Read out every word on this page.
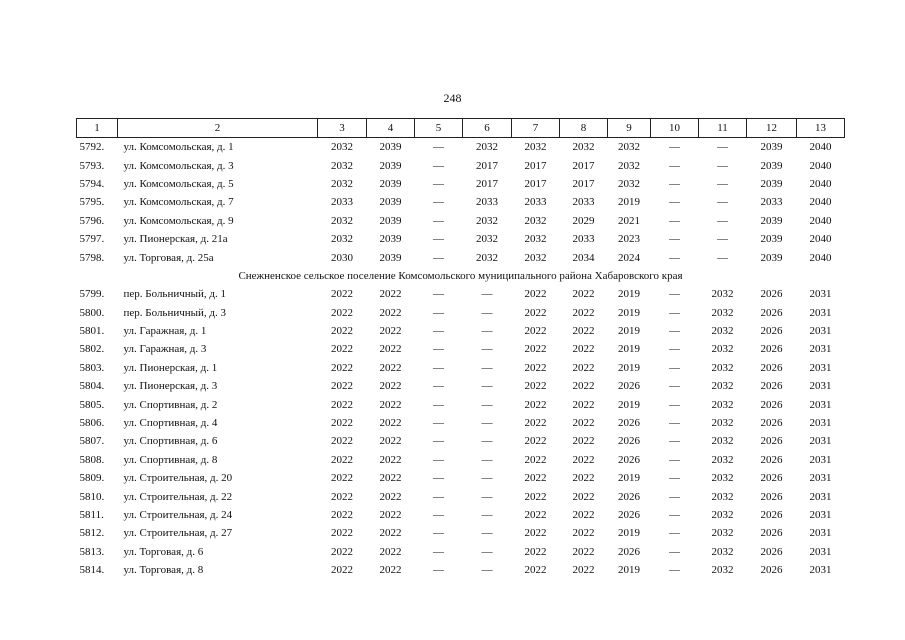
248
1	2	3	4	5	6	7	8	9	10	11	12	13
5792.	ул. Комсомольская, д. 1	2032	2039	—	2032	2032	2032	2032	—	—	2039	2040
5793.	ул. Комсомольская, д. 3	2032	2039	—	2017	2017	2017	2032	—	—	2039	2040
5794.	ул. Комсомольская, д. 5	2032	2039	—	2017	2017	2017	2032	—	—	2039	2040
5795.	ул. Комсомольская, д. 7	2033	2039	—	2033	2033	2033	2019	—	—	2033	2040
5796.	ул. Комсомольская, д. 9	2032	2039	—	2032	2032	2029	2021	—	—	2039	2040
5797.	ул. Пионерская, д. 21а	2032	2039	—	2032	2032	2033	2023	—	—	2039	2040
5798.	ул. Торговая, д. 25а	2030	2039	—	2032	2032	2034	2024	—	—	2039	2040
Снежненское сельское поселение Комсомольского муниципального района Хабаровского края												
5799.	пер. Больничный, д. 1	2022	2022	—	—	2022	2022	2019	—	2032	2026	2031
5800.	пер. Больничный, д. 3	2022	2022	—	—	2022	2022	2019	—	2032	2026	2031
5801.	ул. Гаражная, д. 1	2022	2022	—	—	2022	2022	2019	—	2032	2026	2031
5802.	ул. Гаражная, д. 3	2022	2022	—	—	2022	2022	2019	—	2032	2026	2031
5803.	ул. Пионерская, д. 1	2022	2022	—	—	2022	2022	2019	—	2032	2026	2031
5804.	ул. Пионерская, д. 3	2022	2022	—	—	2022	2022	2026	—	2032	2026	2031
5805.	ул. Спортивная, д. 2	2022	2022	—	—	2022	2022	2019	—	2032	2026	2031
5806.	ул. Спортивная, д. 4	2022	2022	—	—	2022	2022	2026	—	2032	2026	2031
5807.	ул. Спортивная, д. 6	2022	2022	—	—	2022	2022	2026	—	2032	2026	2031
5808.	ул. Спортивная, д. 8	2022	2022	—	—	2022	2022	2026	—	2032	2026	2031
5809.	ул. Строительная, д. 20	2022	2022	—	—	2022	2022	2019	—	2032	2026	2031
5810.	ул. Строительная, д. 22	2022	2022	—	—	2022	2022	2026	—	2032	2026	2031
5811.	ул. Строительная, д. 24	2022	2022	—	—	2022	2022	2026	—	2032	2026	2031
5812.	ул. Строительная, д. 27	2022	2022	—	—	2022	2022	2019	—	2032	2026	2031
5813.	ул. Торговая, д. 6	2022	2022	—	—	2022	2022	2026	—	2032	2026	2031
5814.	ул. Торговая, д. 8	2022	2022	—	—	2022	2022	2019	—	2032	2026	2031
